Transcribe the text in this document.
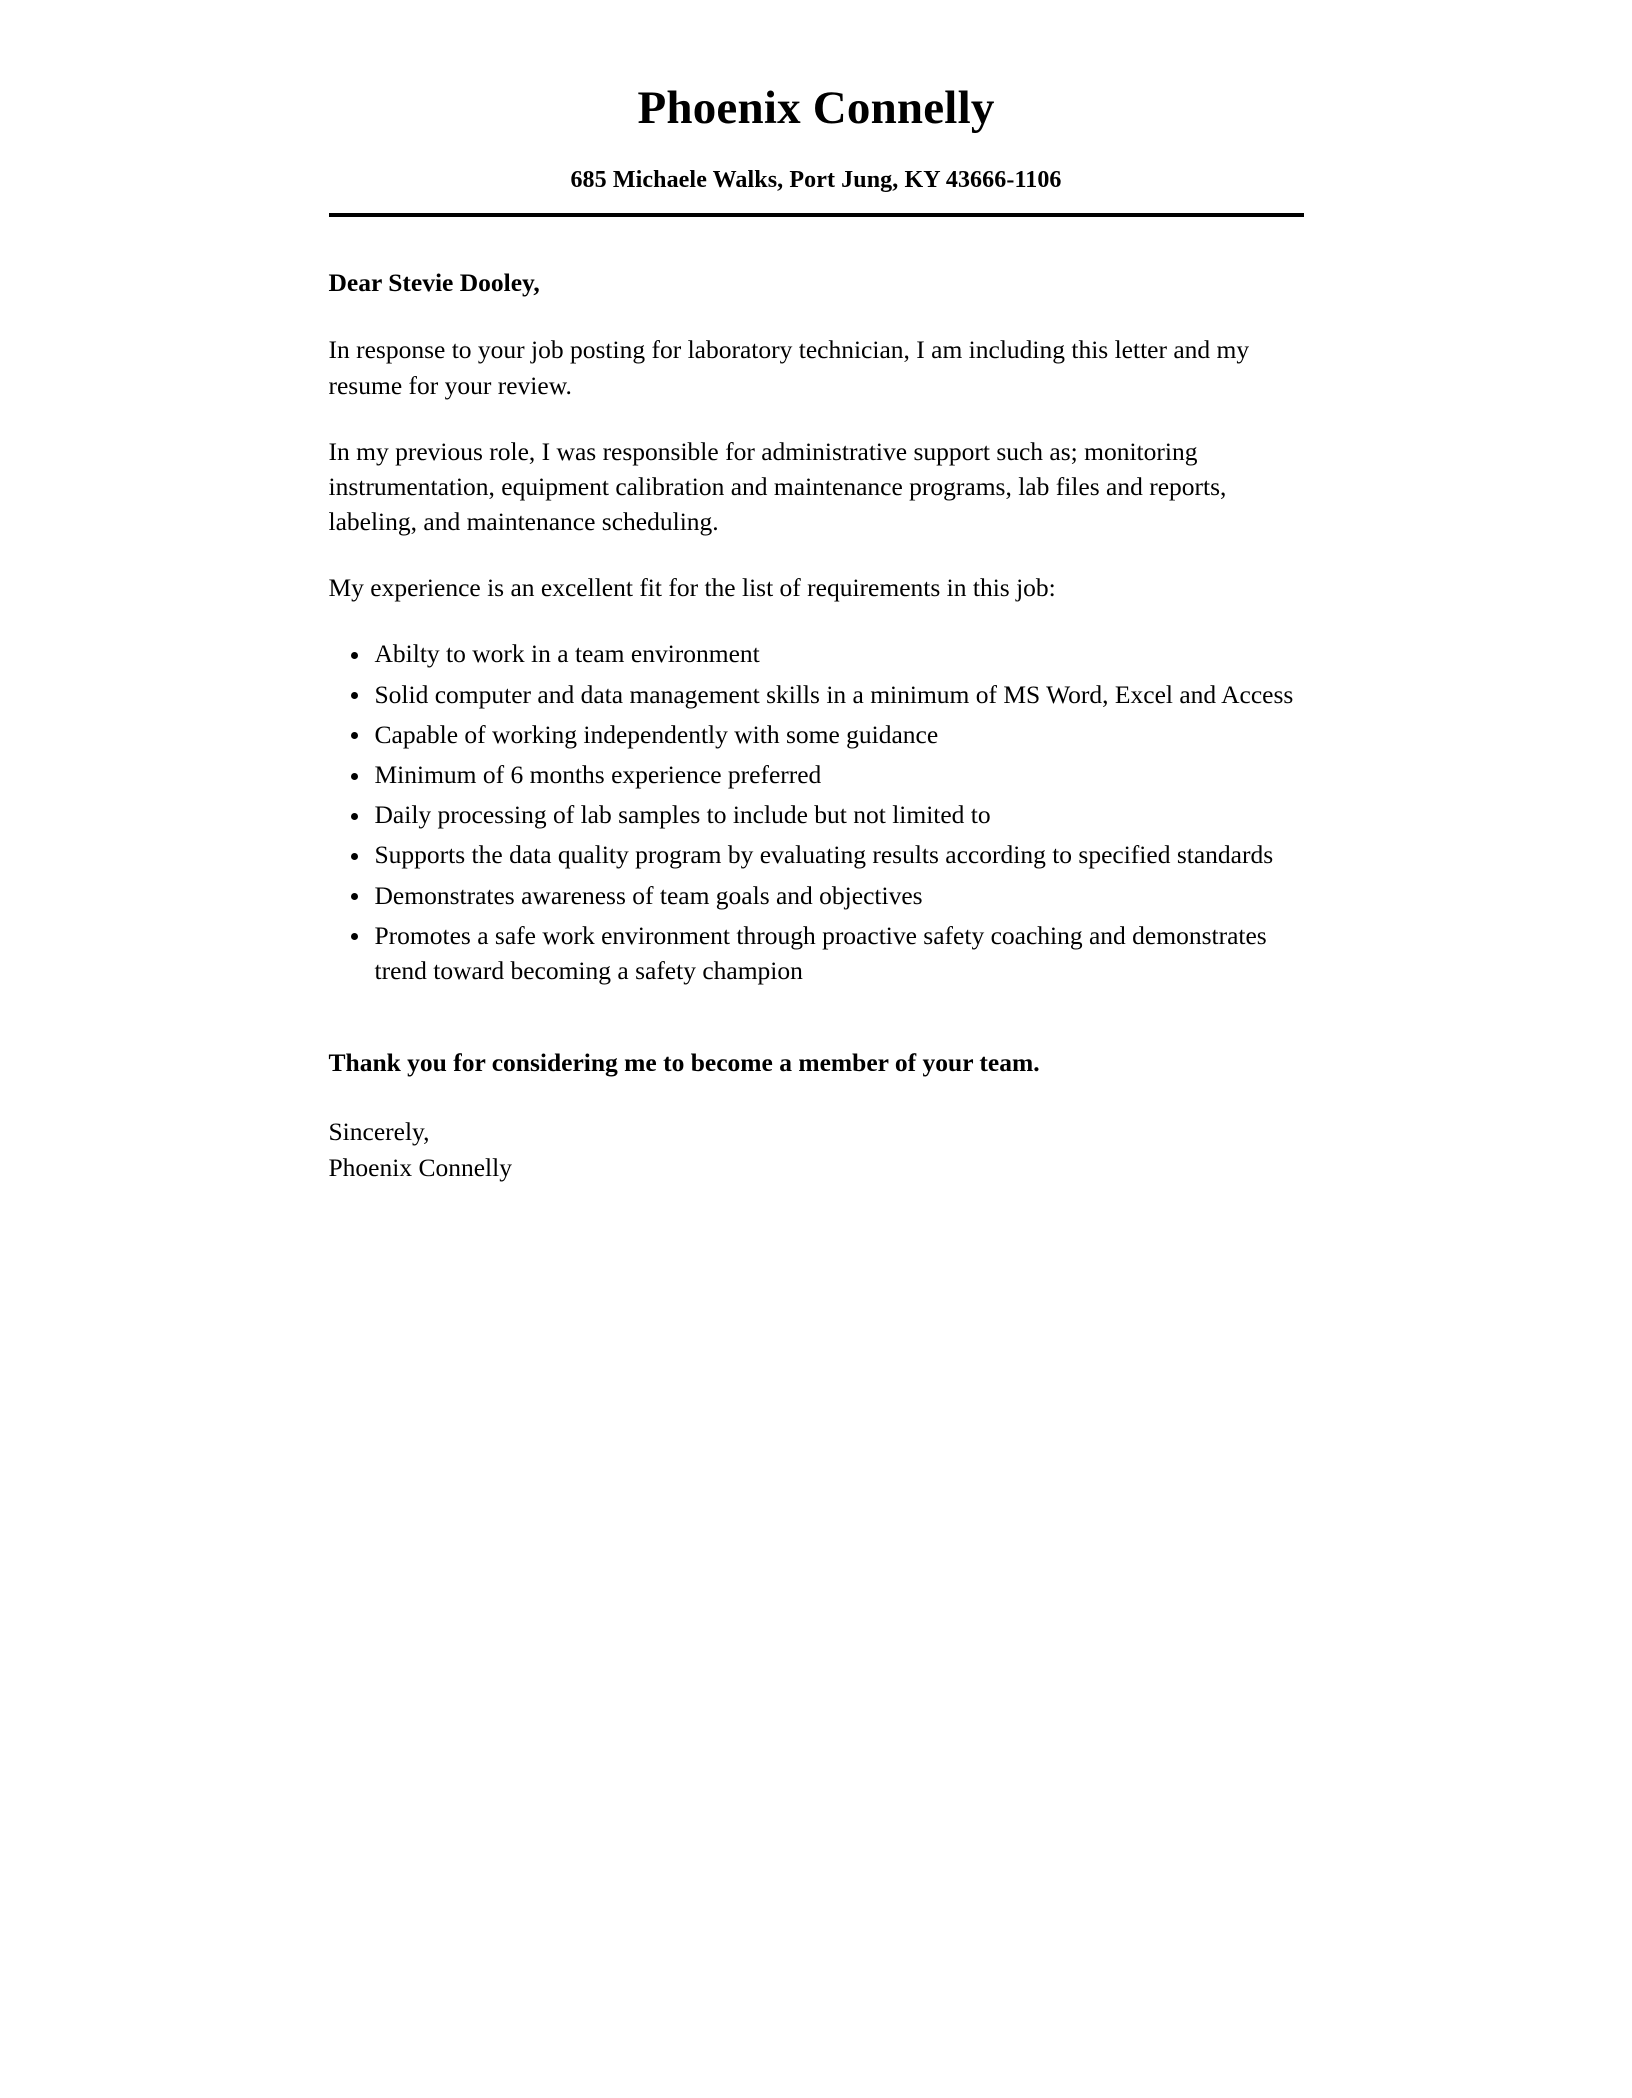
Phoenix Connelly
685 Michaele Walks, Port Jung, KY 43666-1106

Dear Stevie Dooley,

In response to your job posting for laboratory technician, I am including this letter and my resume for your review.

In my previous role, I was responsible for administrative support such as; monitoring instrumentation, equipment calibration and maintenance programs, lab files and reports, labeling, and maintenance scheduling.

My experience is an excellent fit for the list of requirements in this job:

Abilty to work in a team environment
Solid computer and data management skills in a minimum of MS Word, Excel and Access
Capable of working independently with some guidance
Minimum of 6 months experience preferred
Daily processing of lab samples to include but not limited to
Supports the data quality program by evaluating results according to specified standards
Demonstrates awareness of team goals and objectives
Promotes a safe work environment through proactive safety coaching and demonstrates trend toward becoming a safety champion

Thank you for considering me to become a member of your team.

Sincerely,

Phoenix Connelly
